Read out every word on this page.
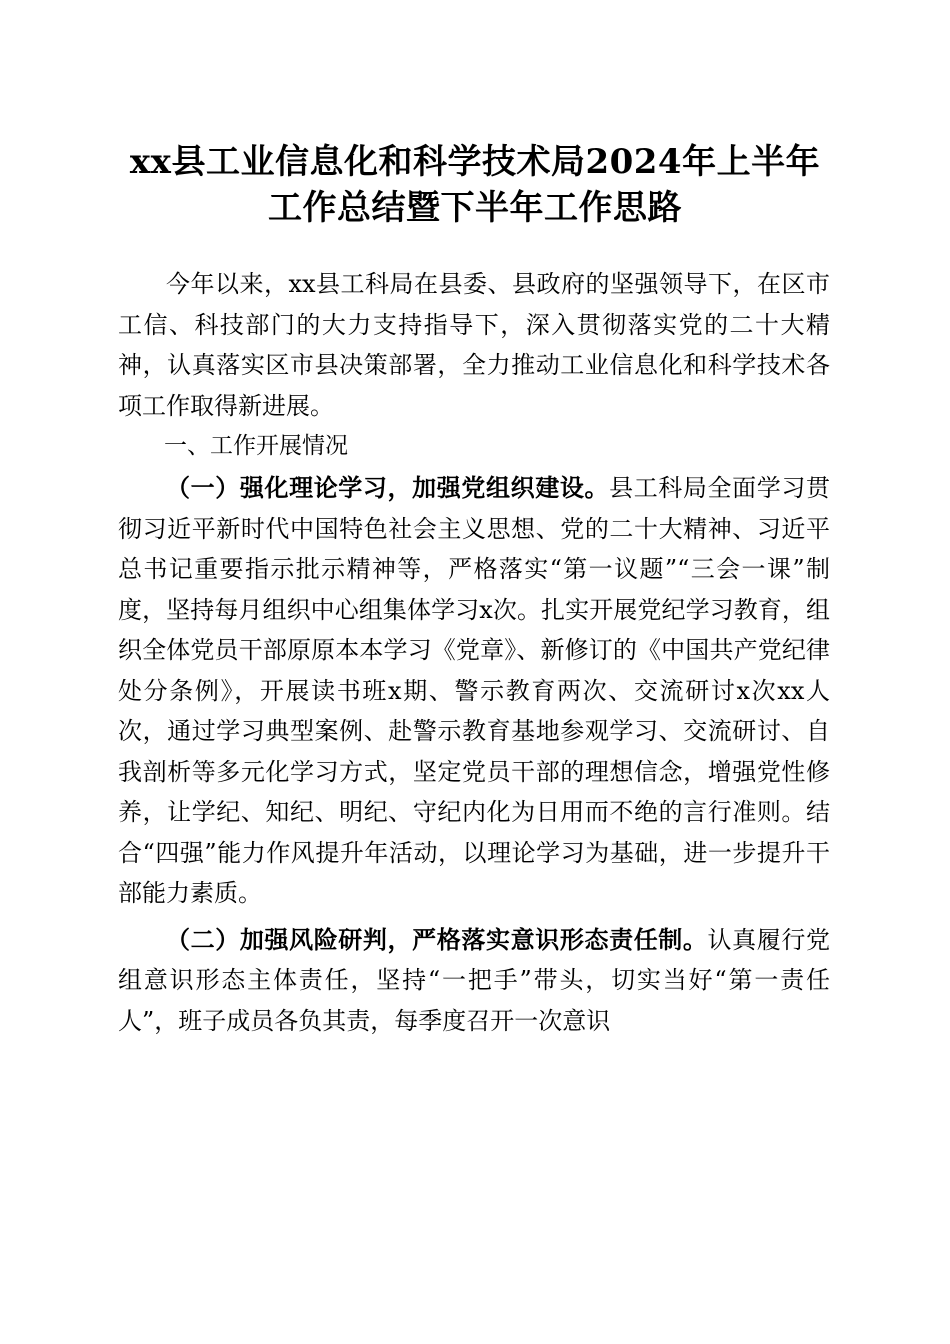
xx县工业信息化和科学技术局2024年上半年
工作总结暨下半年工作思路

今年以来，xx县工科局在县委、县政府的坚强领导下，在区市工信、科技部门的大力支持指导下，深入贯彻落实党的二十大精神，认真落实区市县决策部署，全力推动工业信息化和科学技术各项工作取得新进展。

一、工作开展情况

（一）强化理论学习，加强党组织建设。县工科局全面学习贯彻习近平新时代中国特色社会主义思想、党的二十大精神、习近平总书记重要指示批示精神等，严格落实“第一议题”“三会一课”制度，坚持每月组织中心组集体学习x次。扎实开展党纪学习教育，组织全体党员干部原原本本学习《党章》、新修订的《中国共产党纪律处分条例》，开展读书班x期、警示教育两次、交流研讨x次xx人次，通过学习典型案例、赴警示教育基地参观学习、交流研讨、自我剖析等多元化学习方式，坚定党员干部的理想信念，增强党性修养，让学纪、知纪、明纪、守纪内化为日用而不绝的言行准则。结合“四强”能力作风提升年活动，以理论学习为基础，进一步提升干部能力素质。

（二）加强风险研判，严格落实意识形态责任制。认真履行党组意识形态主体责任，坚持“一把手”带头，切实当好“第一责任人”，班子成员各负其责，每季度召开一次意识
